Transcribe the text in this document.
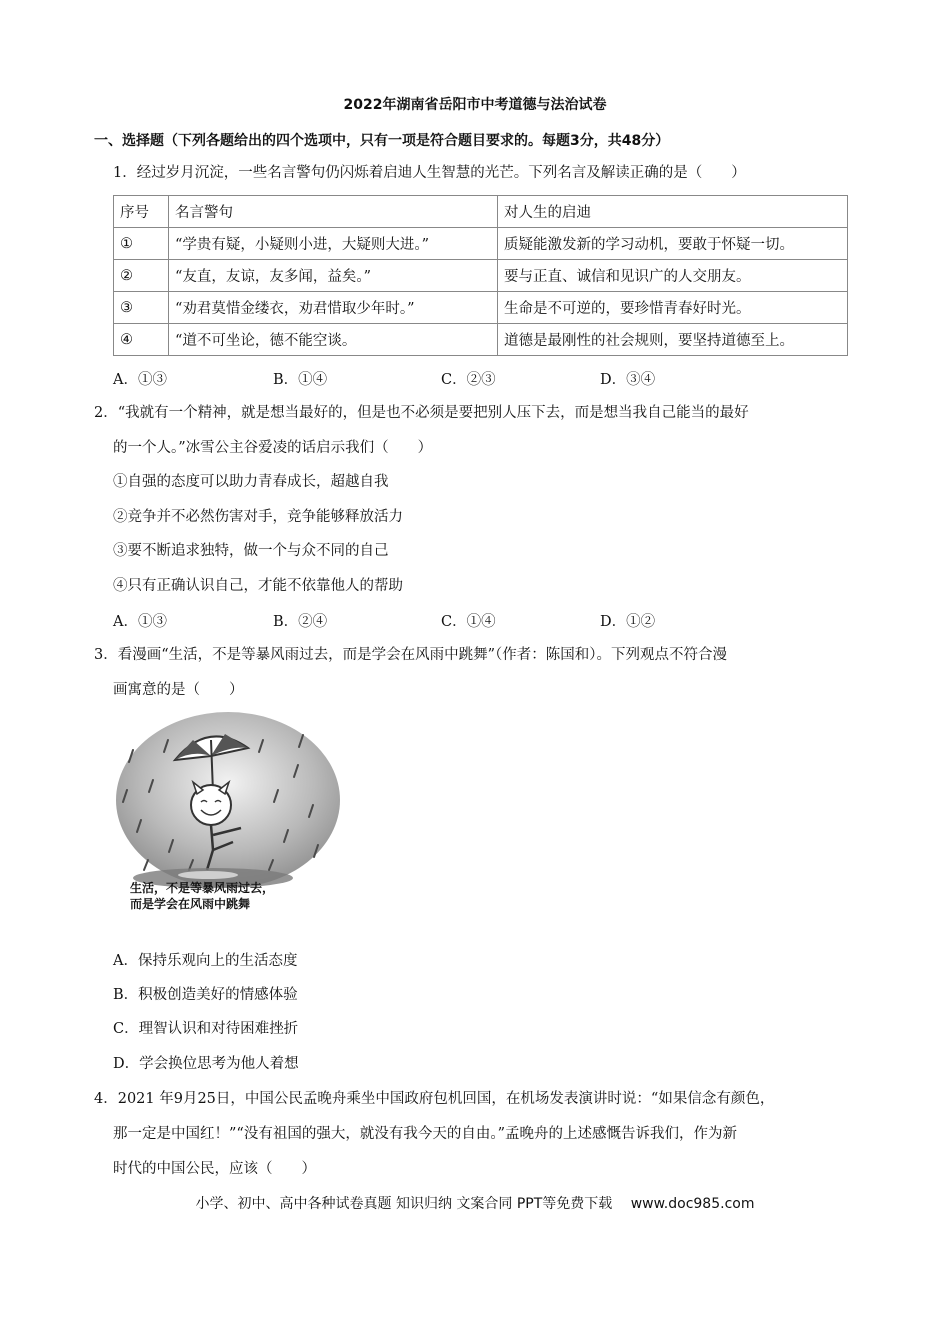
2022年湖南省岳阳市中考道德与法治试卷
一、选择题（下列各题给出的四个选项中，只有一项是符合题目要求的。每题3分，共48分）
1．经过岁月沉淀，一些名言警句仍闪烁着启迪人生智慧的光芒。下列名言及解读正确的是（　　）
序号	名言警句	对人生的启迪
①	“学贵有疑，小疑则小进，大疑则大进。”	质疑能激发新的学习动机，要敢于怀疑一切。
②	“友直，友谅，友多闻，益矣。”	要与正直、诚信和见识广的人交朋友。
③	“劝君莫惜金缕衣，劝君惜取少年时。”	生命是不可逆的，要珍惜青春好时光。
④	“道不可坐论，德不能空谈。	道德是最刚性的社会规则，要坚持道德至上。
A．①③	B．①④	C．②③	D．③④
2．“我就有一个精神，就是想当最好的，但是也不必须是要把别人压下去，而是想当我自己能当的最好
的一个人。”冰雪公主谷爱凌的话启示我们（　　）
①自强的态度可以助力青春成长，超越自我
②竞争并不必然伤害对手，竞争能够释放活力
③要不断追求独特，做一个与众不同的自己
④只有正确认识自己，才能不依靠他人的帮助
A．①③	B．②④	C．①④	D．①②
3．看漫画“生活，不是等暴风雨过去，而是学会在风雨中跳舞”（作者：陈国和）。下列观点不符合漫
画寓意的是（　　）
生活，不是等暴风雨过去，
而是学会在风雨中跳舞
A．保持乐观向上的生活态度
B．积极创造美好的情感体验
C．理智认识和对待困难挫折
D．学会换位思考为他人着想
4．2021 年9月25日，中国公民孟晚舟乘坐中国政府包机回国，在机场发表演讲时说：“如果信念有颜色，
那一定是中国红！”“没有祖国的强大，就没有我今天的自由。”孟晚舟的上述感慨告诉我们，作为新
时代的中国公民，应该（　　）
小学、初中、高中各种试卷真题 知识归纳 文案合同 PPT等免费下载　 www.doc985.com
